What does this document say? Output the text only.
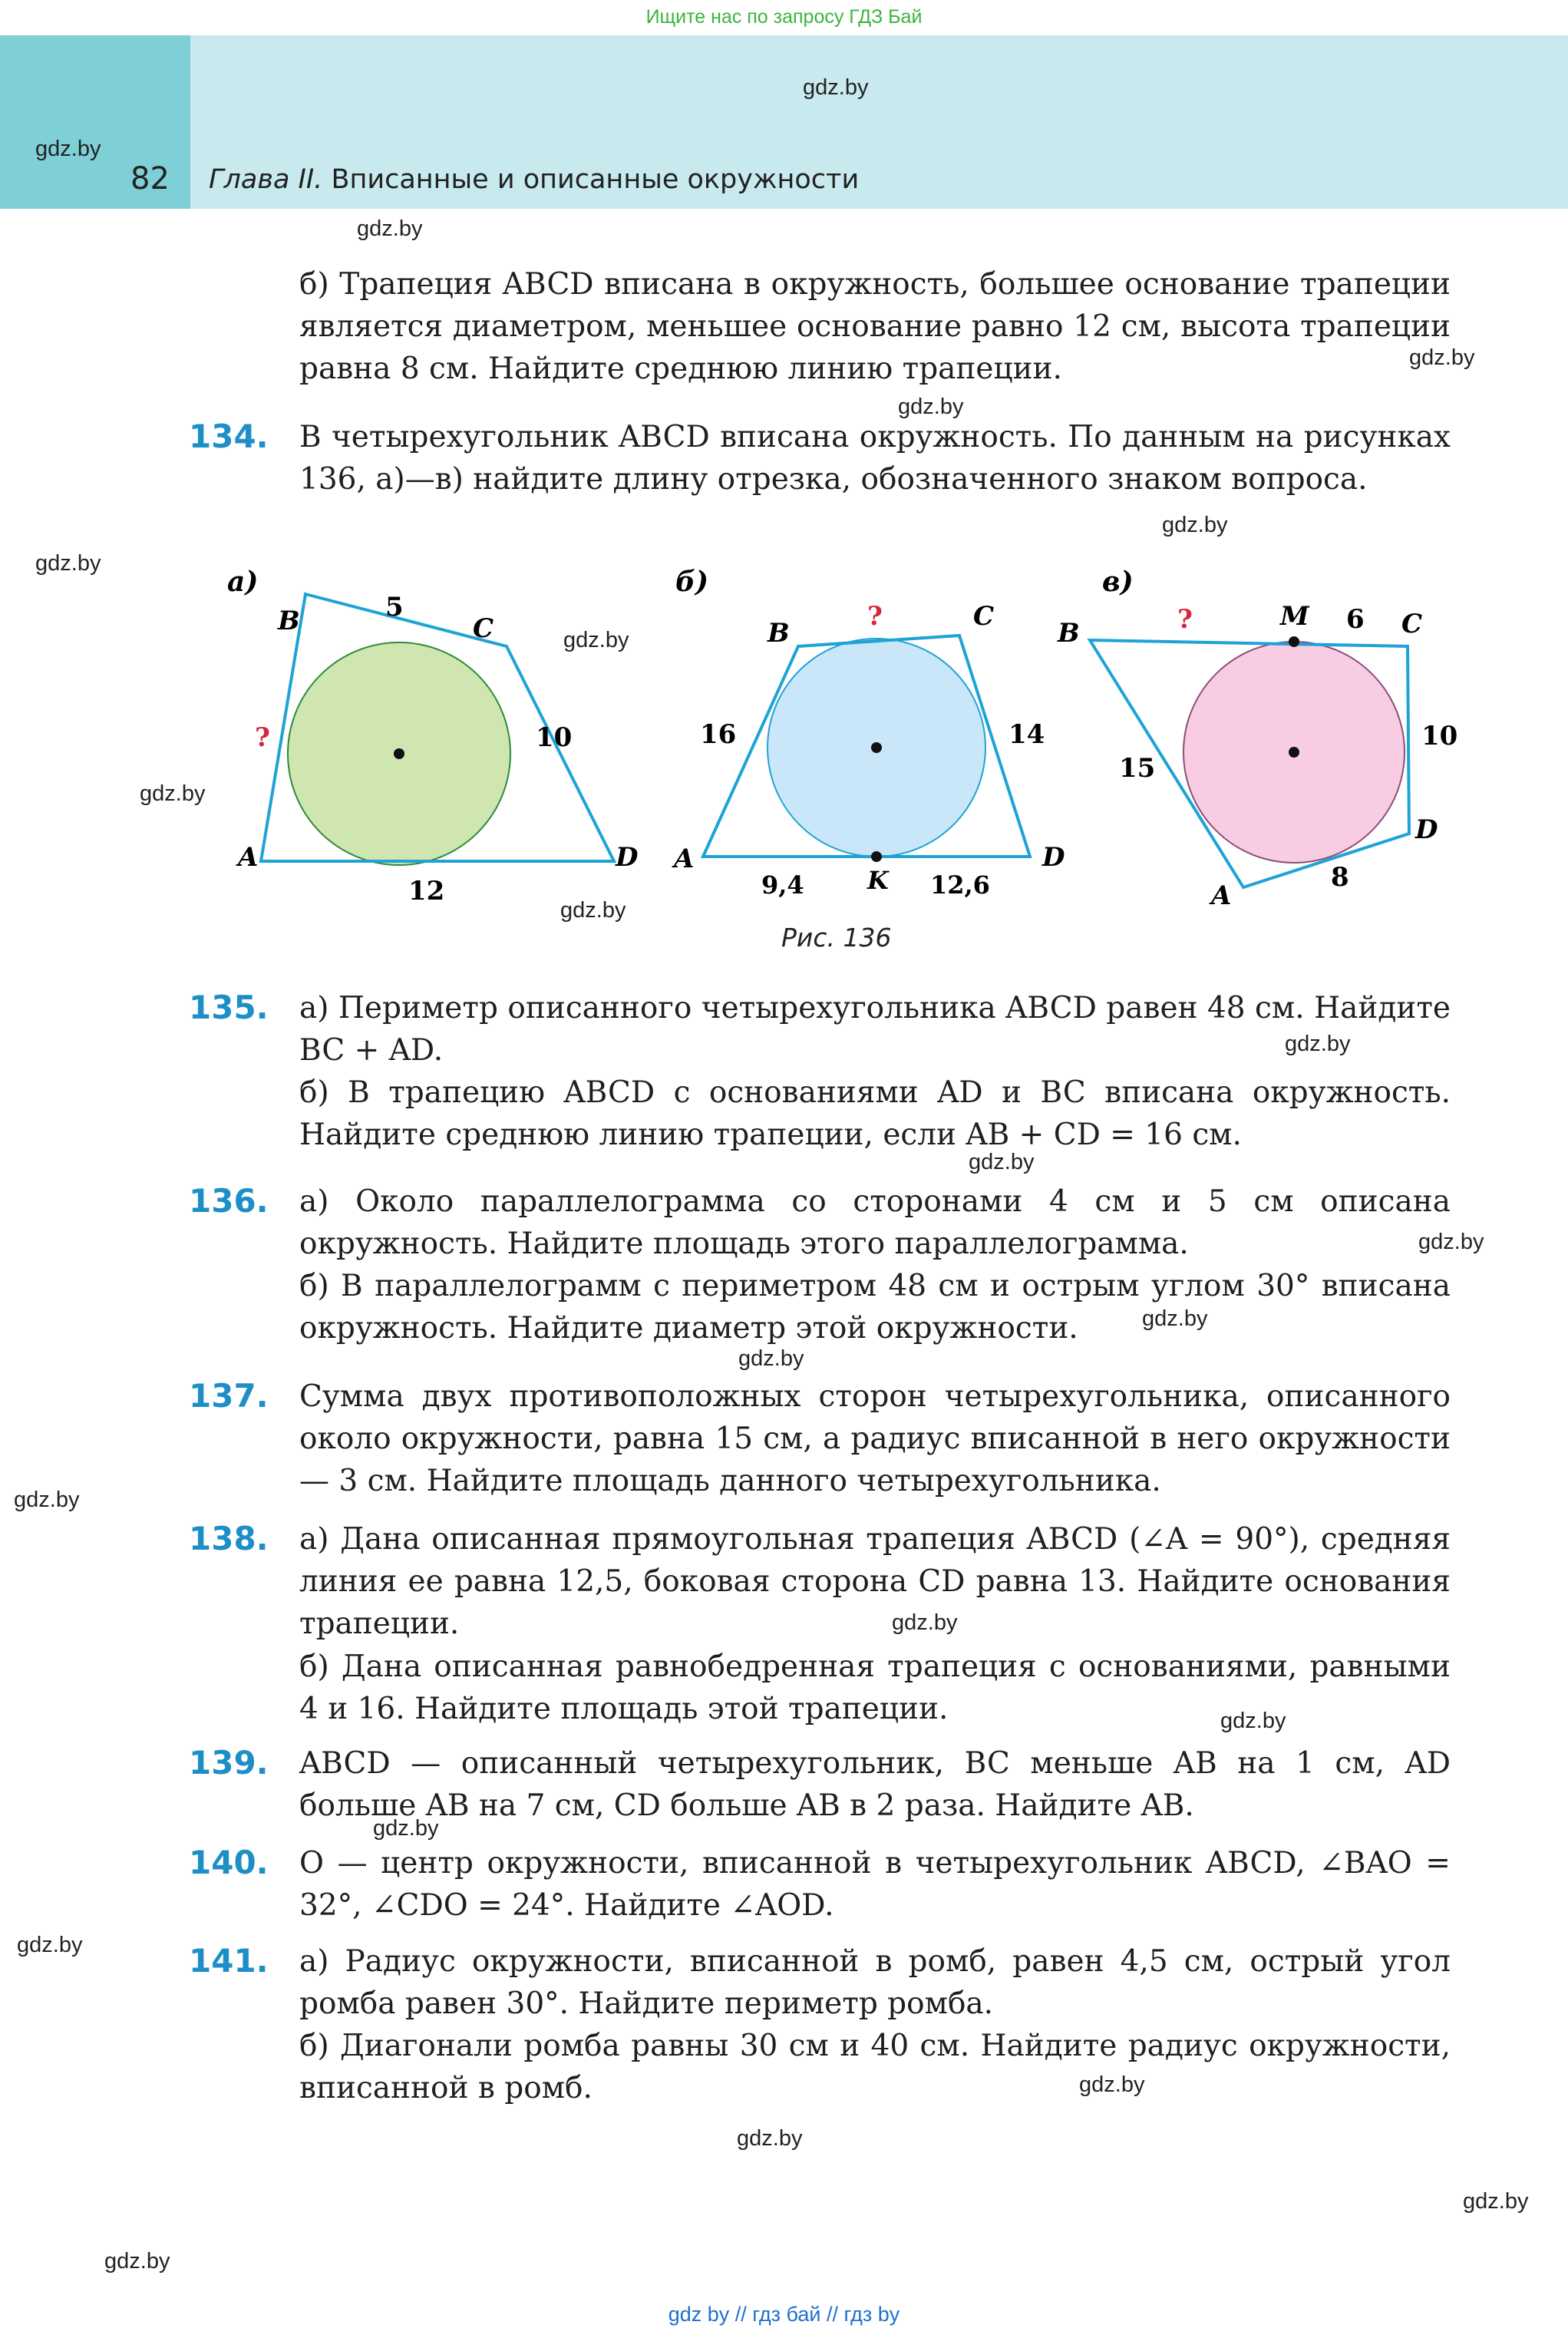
Ищите нас по запросу ГДЗ Бай
82 Глава II. Вписанные и описанные окружности
gdz.by
gdz.by
gdz.by
gdz.by
gdz.by
gdz.by
gdz.by
gdz.by
gdz.by
gdz.by
gdz.by
gdz.by
gdz.by
gdz.by
gdz.by
gdz.by
gdz.by
gdz.by
gdz.by
gdz.by
gdz.by
gdz.by
gdz.by
gdz.by
б) Трапеция ABCD вписана в окружность, большее основание трапеции является диаметром, меньшее основание равно 12 см, высота трапеции равна 8 см. Найдите среднюю линию трапеции.
134. В четырехугольник ABCD вписана окружность. По данным на рисунках 136, а)—в) найдите длину отрезка, обозначенного знаком вопроса.
а)
B	C
A	D
5
?	10
12
б)
B
C
A	D
K
?
16	14
9,4	12,6
в)
B
M	C
D
A
?	6
10
15
8
Рис. 136
135. а) Периметр описанного четырехугольника ABCD равен 48 см. Найдите BC + AD.
б) В трапецию ABCD с основаниями AD и BC вписана окружность. Найдите среднюю линию трапеции, если AB + CD = 16 см.
136. а) Около параллелограмма со сторонами 4 см и 5 см описана окружность. Найдите площадь этого параллелограмма.
б) В параллелограмм с периметром 48 см и острым углом 30° вписана окружность. Найдите диаметр этой окружности.
137. Сумма двух противоположных сторон четырехугольника, описанного около окружности, равна 15 см, а радиус вписанной в него окружности — 3 см. Найдите площадь данного четырехугольника.
138. а) Дана описанная прямоугольная трапеция ABCD (∠A = 90°), средняя линия ее равна 12,5, боковая сторона CD равна 13. Найдите основания трапеции.
б) Дана описанная равнобедренная трапеция с основаниями, равными 4 и 16. Найдите площадь этой трапеции.
139. ABCD — описанный четырехугольник, BC меньше AB на 1 см, AD больше AB на 7 см, CD больше AB в 2 раза. Найдите AB.
140. O — центр окружности, вписанной в четырехугольник ABCD, ∠BAO = 32°, ∠CDO = 24°. Найдите ∠AOD.
141. а) Радиус окружности, вписанной в ромб, равен 4,5 см, острый угол ромба равен 30°. Найдите периметр ромба.
б) Диагонали ромба равны 30 см и 40 см. Найдите радиус окружности, вписанной в ромб.
gdz by // гдз бай // гдз by
